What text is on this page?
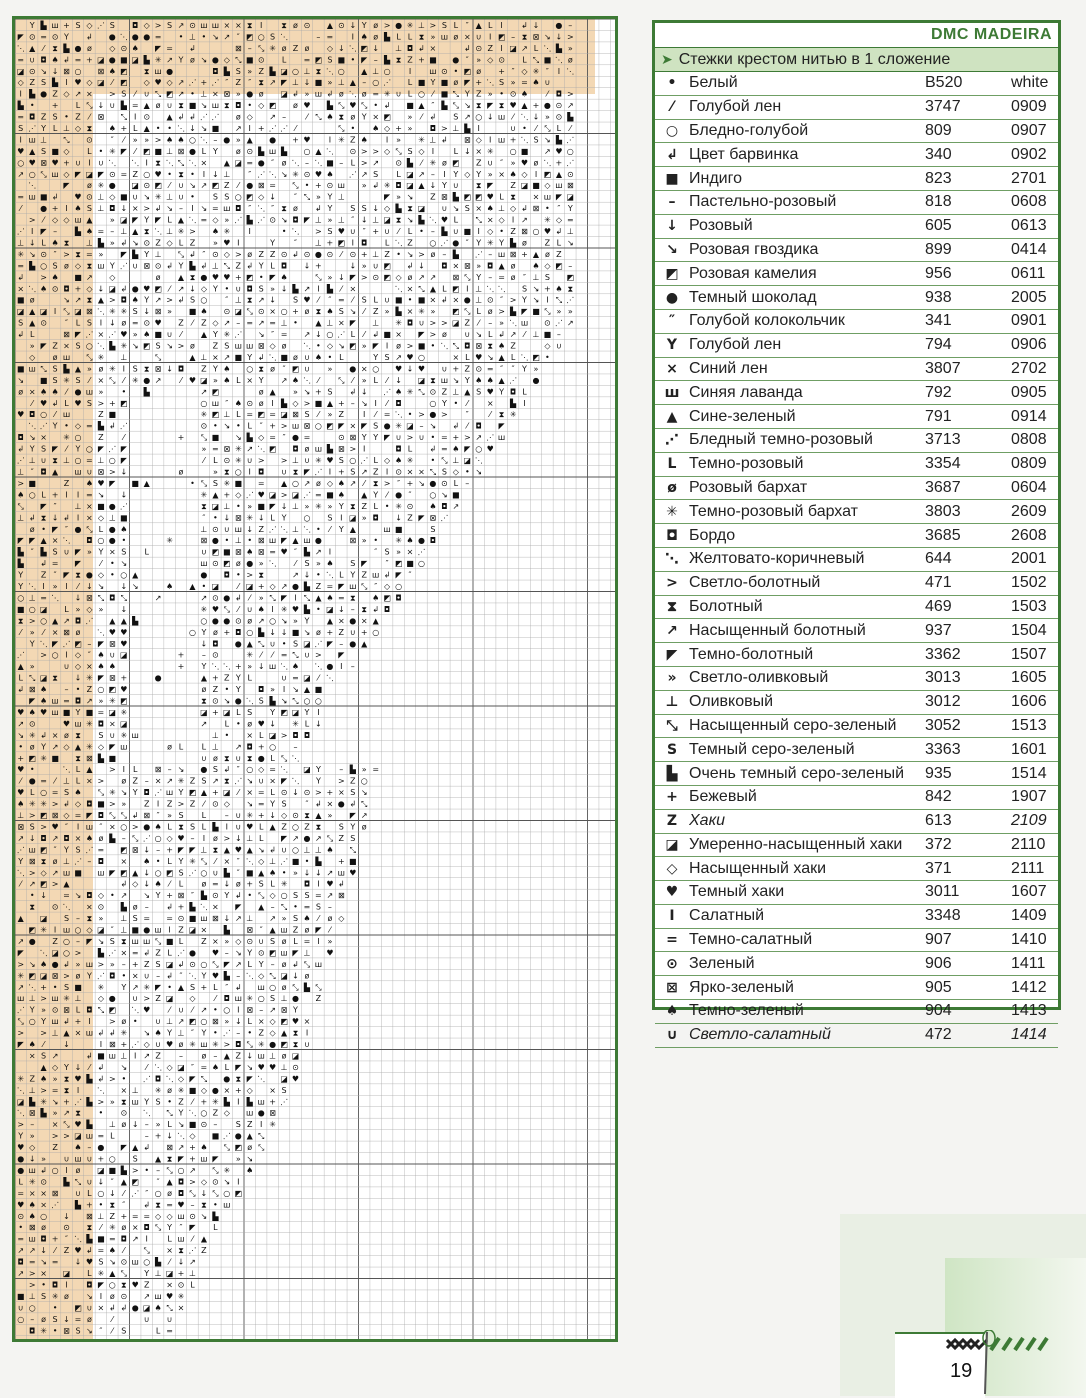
Y ▙ ш + S ◇ ⋰ S ◘ ◇ > S ↗ ⊙ ш ш × × ⧗ I ⧗ ø ⊙ ▲ ⊙ ↓ Y ø > ● ✳ ⊥ > S L ″ ▲ L I ↲ ↓ ● –
◤ ⊙ = ⊙ Y ↲ ● ⋱ ● ● = • ⊥ • ↘ ↗ ″ ◩ ○ S ⋱	– = I ♠ ø ▙ L L ⧗ » ш ø × ∪ I ◩ – ⧗ ⊠ ↘ ↓ >
⋱ ▲ ⁄ ⧗ ▙ ● ø ◇ ⊙ ♠ ◤ = ↲	⊠ – ⤡ ✳ ø Z ø ◇ ↓ ⋱ ◩ ↓ ⊥ ◘ ↲ ×	↲ ⊙ Z I ◪ ↗ L ⋱ ▙ »
= ∪ ◘ ♠ ↲ = + ◪ ● ■ ◪ ▙ ✳ ↗ Y ø ↘ ● ◇ ⤡ ■ ⊙ L = ◩ S ■ • ◤ – ▙ ⧗ Z + ■ ● ″ » ◇ ⊙ L ⤡ ■ ⋱ ø
◪ ⊙ ↘ ↓ ⊠ ○ ⊠ ♠ ◩ ⧗ ш ●	◘ ▙ S » Z ▙ ◪ ○ ⊥ ⧗ ⋱ ○ ▲ ⊥ ○ I ш ⊙ • ◩ ø + ″ ◇ ✳ ″ I ⋱
◇ Z S ▙ I ♥ ◇ ◪ ⁄ ◩ ◇ ♥ ◇ ↗ ⋰ + ⋰ ″ Z ″ ⧗ ↗ ◤ ⊥ ↓ ■ » ⊥ ▲ – ○ ⋰ L ■ Y ■ ø ◤ + ⋱ S » = ♠ ∪
I ▙ ● Z ◇ ↗ × > S ⁄ ∪ ⤡ ◩ ↗ • ⊥ × ⊠ » ● ø ◪ ↲ » ш ↲ ø ⋱ ø = ✳ ∪ L ○ ⁄ ■ ⤡ Y Z » • ⊙ ♠ ⁄ ◘ >
▙ • + L ⤡ ↓ ∪ ▙ = ▲ ø ∪ ⧗ ■ ↘ ш ⧗ ◘ • ◇ ◩ ø ♥ ▙ ⤡ ♥ ⤡ • ↲ ■ ▲ ″ ▙ ⤡ ↘ ⧗ ◤ ⧗ ♥ ▲ + ● ⊙ ↗
= ◘ Z S • Z ⁄ ⊠ ⤡ I ⊙ ▲ ↲ ↲ ⋰ ⋰ ø ◇ ↗ –	⁄ ⤡ ♠ ⧗ ø Y × ◩ » ⁄ ↲ S ↗ ○ ↓ ш ⁄ ⋱ ↓ » ⊙ ▙
S ⋰ Y L ⊥ ◇ ⧗ ♠ + L ▲ • • ⋱ ↓ ↘ ■ ↗ I + ⋰ ⋰ ⁄	⤡ • ♠ ◇ + » ◘ > ⊥ ▙ I	∪ • ⁄ ⤡ L ⁄
I ш ⊥ ⤡ ⊙ ″ ⁄ » » > ♠ ♠ ○ ⋱ – ● » ▲ ● + ♥ I ✳ Z ♠ I » ✳ ⊥ ↲ ⊠ ◇ I ш + ⋱ S ↘ ▙ ⋰
♥ ▲ S ■ ◇ L • ✳ ◤ ⁄ ◩ ■ ⊥ ⊠ ● L Y ø ⊙ ▙ ш ▙ ○ ▲ ⋱ ⊙ > > ◇ ⤡ S ◇ I L ↓ × ✳ ○ ■ ↗ ♥ ○
○ ♥ ⊠ ♥ + ∪ I ∪ ⋱ ⋱ I ⧗ ⋱ ⤡ ⋱ × ▲ ◪ = ● ″ ø ⋱ – ⋱ ■ – L > ↗ ⊙ ▙ ⁄ ✳ ø ◩ Z ∪ ″ » ♥ ø ⋱ + ⋰
↗ ○ ⤡ ш ◇ ◤ ◪ ◤ ⊙ = Z ○ ♥ • ⧗ • I ↓ ⊥ ″ ⋰ ⋱ ↘ ✳ ⊙ ♥ ♠ ⋰ ↗ S L ◪ ↗ – I Y ◇ Y » × ♠ ◇ I ◩ ▲ ⊙
⋱	◤ ø ✳ ● ◪ ⊙ ◩ ⁄ ∪ ↘ ↗ ◩ Z ⁄ ● ⊠ = ⤡ • + ⊙ ш » ↲ ✳ ◘ ◪ ▲ ↓ Y ∪ ⧗ ◤ Z ◪ ■ ◇ ш ⊠
= ш ■ ↲ ♥ ⊙ ⊥ ◇ ■ ∪ ↘ ✳ ⊥ ∪ • S S ○ ◩ ◇ ↓ ″ ⤡ » Y ⊥	◤ » ↘ Z ⊠ ▙ ◩ ◩ ♥ L ⧗ × ш ◤ ◪
⁄ ● + I ♠ S ⊥ ◘ ↓ × > ↲ ↘ – I ↘ = ш ◘ ″ ⋱ ″ ⧗ ø ↲ Y S S ↓ ◇ ▙ ⧗ ◪ ∪ ↘ S × ♠ ⊥ ◇ ↲ ⊠ • ″ Y
> ⁄ ◇ ◇ ш ▲ » ◪ ◤ Y ◤ L ▲ ⋱ = ◇ » ⋰ ▙ ⋰ ⊙ ↘ ◘ ◤ ⊥ » ⊥ ″ ↓ ⊥ ◪ ⧗ ↘ ▙ ⋱ ♥ L ⤡ × ◇ I ↗ ✳ ◇ =
⋰ I ◤ – ▙ ♠ = – ⊥ ▲ ⧗ ⋱ ⊥ ✳ > ♠ ✳ I	• ⋱ > S ♥ ∪ ″ + ∪ ⁄ L • – ▙ ∪ ■ I ◇ • Z ⊠ ○ ♥ ↲ ⊥
⊥ ↓ L ♠ ⧗ ⊥ ▙ » ↲ ↘ ⊙ Z ◇ L Z » ♥ I	Y ″ ⊥ + ◩ I ◘ L ⋱ Z ○ ⋰ ● ″ Y ✳ Y ▙ ø Z L ↘
✳ ↘ ⊙ ″ > ⧗ = » ◤ ▙ Y ⊥ ⤡ ↲ ″ ⊙ ◇ > ø Z Z ⊙ ↲ ⊙ ● ⊙ ⁄ ⊙ + ⊥ Z • ↘ > ø – ▙ ⋰ – ш ⊠ + ▲ ø Z
= ▙ ○ S ø ◇ ⧗ ш Y ⋰ ∪ ⊠ ⊙ ↲ Y ▙ ↲ ⊥ ⤡ Z ↲ Y L ◘ ↓ +	↓ » ∪ ◩ ↲ ↓ ◘ × ⊠ » ◘ ▲ ø ♠ ◇ ◩ –
↲ > ♠ ■ ↗ ◇	ø ▲ ⧗ ● ♥ ♥ + ◩ • ◤ ♠	⤡ » ↓ ◤ > ⊙ ◩ ◇ ø ↗ ↗ ⊠ ⤡ Y – = ø ″ ⊥ S ◩
× ⋱ ♠ ⊙ ◘ + ◇ ↓ ◪ ↲ ● ♥ ◩ ⁄ ↗ ↓ ◇ Y • ∪ ◘ S » ↓ ▙ ↗ I ▙ ⁄ ×	⋱ × ⤡ ▲ L ◩ I ⊥ ⋱ ⋱ S ↘ + ♠ ⧗
■ ø	↘ ↗ ⧗ ▲ > ◘ ♠ Y ↗ > ↲ S ○ ″ ⊥ ⧗ ↗ ↓ S ♥ ⁄ ″ = ⁄ S L ∪ ■ • ■ × ↲ × ● ⊥ ⊙ ″ > Y ↘ I ⤡ ⋰
◪ ▲ ◪ I ⤡ ◪ ⊠ ⋱ ✳ ✳ S ↓ ⊠ » ■ ♠ ⊙ ◪ ⤡ ⊙ × ○ + ø ⧗ ♠ S ↘ ⁄ Z » ▙ × ✳ » ◩ ⤡ L ø > ▙ ◤ ■ ⤡ » »
S ▲ ⊙ ″ L S I ↓ ø = ⊙ ♥ Z ⁄ Z ◇ ↗ – = ↗ = ⊥ • ▲ ⊥ × ◤ ⊥ ✳ ◘ ∪ > > ◪ Z ⁄ – » ⋱ ш ⊙ ⋰ ↗
↲ L	⊠ ◤ ⋰ × ⋰ ♥ » ♠ ■ ∪ ⁄ ▲ Y ✳ ⋰ ↘ ″ = ↗ ↓ ○ ⋰ L ⁄ ↲ ■ × ◤ > ø ∪ ↘ L ↲ ↗ ⁄ ⊥ ■ –
» ◤ Z × S ○ ⋱ ▙ ✳ ↘ ◩ S ↘ > ø Z S ш ш ⊠ ◇ ø ⋱ • ◇ ↘ ◩ » ◤ I ø > ■ • ⋱ ⤡ ◘ ⊠ ⧗ ♠ Z	◇ ∪
◇ ø ш ⤡ ✳ ⊥	⤡	▲ ⊥ × ↗ ■ Y ↲ ⋱ ■ ø ∪ ♠ • L	Y S ↗ ♥ ○	× L ♥ ↘ ▲ L ⋱ ◩ •
■ ш ⤡ S ▙ ▲ » ø ✳ I S ⧗ ⊠ ↓ ◘ Z Y ♠ ○ ⧗ ø ″ ◩ ∪ » ● × ○ ♥ ↓ ♥ ∪ + Z ⊙ = ″ ″ Y »
↘ ■ S ✳ S ⁄ × ⤡ ⁄ ✳ ● ↗ ⁄ ♥ ◪ » ♠ L × Y ↗ ♠ ⋱ ⁄ ⤡ ⁄ » L ⁄ ↓ ◪ ⧗ ш ↘ Y ♠ ♠ ▲ ⋰ ●
ø × ♠ ♠ ⁄ ● ш » • ▙	↗ ◩	ø ▲ » ↘ + S ↲ ↓ ⋰ ♠ ✳ ⤡ ⊙ Z ⊥ ▲ S ♥ Y ◘ L
⁄ ♥ ↲ L ♥ S > + ◩	○ ш ″ ♠ ⊙ ø I ▙ ◇ > ■ ▲ + – ↘ I ⁄ ◘	○ Y • ⁄ × ▙ I
♥ ◘ ○ ⁄ ш	Z ■	✳ ◩ ⊥ L = ◩ = ◪ ⊠ S ⁄ » Z I ⁄ = ⋱ • > ● > ″	⁄ ⧗ ✳
⋱ ⋰ Y • ◇ = ▙ ↲ ⋰	⊙ • ↘ • L ″ + > ш ⊠ ○ ◩ ◤ × ◤ S ● ✳ ◪ – ↘ ↲ ⁄ ◘ ◤
◘ ↘ × ✳ ○ Z ⁄	+ ⤡ ■ ↘ ▙ ◇ = ″ ● =	⊙ ⊠ Y Y ◤ ∪ > ∪ • = + > ↗ ⋰ ш
↲ Y S ◤ ⁄ Y ○ ◤ ⋰ ◤	» = ⊠ ✳ ↗ ⋱ ◩ ◘ ø ш ▙ ⊠ > I	◘ L ↲ = ♠ ◤ ○ ♥
⋰ ⊥ ∪ ⧗ ⊥ ○ = ⊥ ○ ◤	⁄ L ⊙ ✳ ∪ > > ⊥ ∪ ✳ ♥ S ○ ⋰ L ◇ ♠ ✳ • ⤡ ⊥ ◪ ⋱
⊥ ″ ◘ ▲ ш ∪ ⊠ > ↓	ø	» ⧗ ○ I ◘ ∪ ⧗ ◤ ⋰ I + S ↗ Z I ⊙ × × ⤡ S ◇ • ↘
> ■	Z ♠ ♥ ◤ ■ ▲	• ⤡ S ✳ ■ = ▲ ○ ↗ ø ◇ ♠ ↗ ⁄ ⧗ > ″ + ↘ ● ⊙ L –
♠ ○ L + I I = ↘ ↓	✳ ▲ + ◇ ⋰ ♥ ◪ > ◪ ⋰ = ■ ♠ ▲ Y ⁄ ● ″ ○ ↘ ■
⤡ ◤ ″ ⊥ × ■ ● ⋰	⧗ ◪ ⊥ • » ■ ◤ ↓ ⊥ » ✳ » Y ⧗ Z L • ✳ ⊙ ♠ ◘ ↗
⊥ ↲ ⧗ ↓ ↲ I × ◇ ⊥ ■	″ • ↓ ⊠ ✳ ↓ L Y ○ S I ◪ » ◘ ↓ Z ◤ ⊠ ⋰
ø • ◤ ″ ● ⤡ L ● ♠	⊥ ⊙ ∪ ш ↓ Z ⋰ ⋱ ⊥ ⋱ • ⁄ Y ▲	ш ■	S
◤ ◤ ▲ × ⋱ ◘ ○ ● •	✳	⊠ ● • ⊥ • ⊠ ш ◤ ▲ ш ●	⊠ » • ✳ ♠ ● ◘
▙ ″ ▙ S ∪ ◤ » Y × S L	∪ ◩ ■ ⊠ ♠ ⊠ = ♥ ″ ▙ ↗ I	″ S » × ⋰
▙ ↲ = ◤ ⁄ • ↘	ш ⊙ ◩ ø ● » ⋱ ⁄ S » ♠ S ◤ ″ ◩ ■ ○
Y Z ″ ◤ ⧗ ● ◇ • ○ ▲	● ◘ • > ⧗	↗ ↓ • ⋱ L Y Z ш ↲ ◤ ″
Y ⋱ I » I ⁄ ↓ ↘ ↓ ↘	♠ ▲ • ◪ ⁄ ◪ + ◇ ↗ ● ▙ Z = ◤ ш ⤡ ″ ◇ ○
○ ⊥ = ⋱ ↓ ⊠ ⤡ ◘ ⤡	↗	↗ ⊙ ● ↲ ⁄ » ⤡ ◤ I ⤡ ▲ ♠ = ⧗ ♠ ◩ ◘
■ ○ ◪ L » ◇ » ↓	✳ ♥ ⤡ ⁄ ∪ ♠ I ✳ ♥ ▙ • ◪ ↓ – ⧗ ↲ ◘
⧗ > ○ ▲ ↗ ◘ ⋰ ▲ ▲ ▙	○ ● ● ⊙ ø ↗ ○ ↘ » Y ▲ × ● × ▲
⁄ » ⁄ × ⊠ ø ⋱ ♥ ♥	○ Y ø + ◘ ○ ▙ ↓ ↓ ■ ↘ ø + Z ∪ + ○
Y ⋱ ◤ ⋰ ◩ – ◤ ⊠ ♥	↓ ◘ ● ▲ ⤡ ∪ • S ◪ ⋰ ◤ – ● ▲
⋰ > ○ I ◇ ″ ♠ ∪ ◪	+ – ⊙	✳ ⁄ ⁄ = ⤡ ∪ > ◤
▲ »	∪ ◇ × ♠ ♠	+ Y ⋱ ⋱ + » ↓ ш ⋱ ♠ ⋱ ● I –
L ⤡ ◪ ⧗ ↓ ✳ ◤ ⊠ +	●	▲ + Z Y L	∪ = ◪ ⁄ ⋱
↲ ⊠ ♠ – • Z ○ ◩ ♥	ø Z • Y ◘ » I ↘ ▲ ■
◤ ♠ ш = ◘ ↗ » ✳ ◩	⧗ ⊙ ↘ ● ⋱ S ▙ ↘ ⤡ ○ ○
♥ ♠ ♥ ш ■ Y ■ = ◪ ✳	◪ + ◪ L S Y ◩ ◪ Y I
↗ ⊙	♥ ш ✳ ◘ × ◪	↗ L • ø ♥ ↓ ✳ L ↓
↘ ✳ ↲ × ø ⧗ S ∪ ✳ ш	⊥ • × L ◪ > ◘ ◘
• ø Y ↗ ◇ ▲ ✳ ◇ ◤ ш	ø L L ⊥ ↗ ◘ + ○ –
+ ◩ ✳ ■ ⧗ ⊠ ▙ ■	∪ ø ⧗ ∪ ⧗ ● L ⤡ ⋱
♥ •	⋱ L ▲ > I L ⊠ – ↘ ● S ↲ ″ ○ ◇ = ⋱ ◪ Y – ▙ » =
⁄ ● = ⁄ ⊥ L × > ø Z – × ↗ ✳ Z S ↗ ⧗ ⋰ ↘ ∪ × ◤ ⋱ Y > Z ○
♥ L ○ = S ♠ ⤡ ✳ ↘ Y ◘ ⋰ ш Y ◩ ▲ + ◪ ⁄ × = L ⊙ ↓ ⊙ > + × S ↘
♠ ✳ ✳ > ↲ ◇ ◘ ■ > » Z I Z > Z ⁄ ⊙ ◇ ↘ = Y S ″ ↲ × ● ↲ ⤡
⊥ > ◩ ⊠ ◇ = ◤ ◘ ⤡ ⤡ ↲ ⊠ ″ » S L – ∪ ✳ + ↓ ◇ ⊙ ⧗ ▲ » ◤ ↗
⊠ S > ♥ ″ I ш ″ × ○ > ● ♠ L ⧗ S L ▙ I ∪ ♥ L ▲ Z ○ Z ⧗ S Y ø
↗ ↓ ◘ ↗ ◘ × ♠ ø ▙ – ⤡ ⋰ ○ ◇ ♥ – I ø > ↓ ⊥ L ◤ ↗ ● ↗ ⤡ Z S
⋰ ш ◩ ″ Y S ⋰ = ◩ ⊠ ↓ – + ◤ ◤ ⊥ ⧗ ▲ ♥ ▲ ↘ ↲ ∪ ○ ⊥ ⊥ ♠ ⤡
Y ⊠ ⧗ ø ⊥ ⋰ – ◘ × ♠ • L Y ✳ ⤡ ⁄ × ″ ⋱ ◇ ⊥ ⋰ ■ • ▙ + ■
⋱ > ◇ ↗ ш ■ ш ◤ ◩ ▲ ↓ ○ ◩ S ⋰ ○ ∪ ▙ ″ ■ ▲ ♠ • » ↓ ↓ ↗ ш ♥
⁄ ↗ ◩ > ▲	↲ ◇ ↓ ♠ ⁄ L ø = ↓ ø + S L ✳ ◘ I ♥ ↲
• ↓ = ↘ ◘ ◇ • ↗ ↘ Y + ⊠ ″ ▙ ⊙ Y ↲ • ⤡ ◇ ○ S S = ↗ ⊠
⧗ ⊙ ⋱ × ⊙ ▙ ø – ↲ + ▙ ⋱ × ◤ ▲ – ⤡ • = S –
▲ ◪ S – ⧗ » ⊥ S = = ⊙ ■ ш ⊠ ↓ ↗ ⊥ ↗ » S ♠ ⁄ ø ◇
◩ ✳ I ш ○ ◇ ◪ ″ ⊥ ■ ● ш I Z ◪ × ▙ ⊠ ″ ▲ ш Z ø ◤ ⁄
↗ ● Z ○ – ◤ ↘ S ⧗ ш ш ⤡ ■ L Z × » ◇ ⊙ ∪ S ø L = I »
◤ ⋱ ◪ ○ > ▙ ⋰ × = ↲ Z L ⋰ ● ♥ – ↘ Y ⊙ ◩ ш ◤ ⊥ ♥
> ↘ ♠ ● ↲ » ш > » – + Z S ◪ ↲ ⊙ ○ ⤡ ◤ ↗ L Y – ø ↲ ⤡ ш
✳ ◩ ◪ ⊠ > ø Y ⋰ ◘ • × ∪ – ↲ ″ ⋱ Y ♥ ▙ – ⋱ ◇ ⤡ ◪ ↓ ø
↗ ⋱ + • S ■ ✳ Y ↗ ✳ ◤ • ▲ S + L ″ ↲ ш ○ ø ⤡ ▙ ⤡
ш ⊥ > ш ✳ ⊥ ◇ ● ∪ > Z ◪ ◇ ⁄ ◘ ш ✳ ○ S ⊥ ● Z
⋰ Y » ⊙ ⊠ L ◘ ⤡ ◩ ⋱ ♥ ⁄ ∪ ⁄ ↗ • ○ I ⊠ – ↗ ⊠ Y
⤡ ○ Y ш ↲ + I > ø • ∪ ⊥ ↗ ◩ ○ ⊠ » ↓ L × ◇ ◩ ♥ ×
> > ⊥ ▲ × ш ↲ ↲ ✳ ↘ ♠ Y ⊥ ″ Y • ⋰ – • Z ◇ ▲ ⧗ I
◤ ♠ ⁄ ↓	I ⊠ + ⋰ ◇ ∪ ♥ ø ✳ ш ✳ > ◘ ⤡ ✳ ● ◩ ⧗ ∪
× S ↗	↲ ■ ш ⊥ I ↗ Z – ø – ▲ Z ↓ ш ⊥ ø ◪
▲ ◇ Y ↓ ⁄ ↲ ↘ ⁄ ⋱ ◇ ◪ ″ = ♠ L ◤ ↘ ♥ ♥ ⊥ ⊙
✳ Z ♠ » ⧗ ♥ ▙ ↲ > • ⋰ ◘ ⋱ ◇ ◤ ⤡ ● ⧗ ◤ ⋱ ◪ ♥
⋱ ⊥ > = ⧗ I ⋱ × ⊥ ✳ ø ✳ ■ ◇ ● × + ◇ × S
◪ ▙ ✳ ↘ + ⋰ ▙ > » ⧗ ш Y S • Z ⁄ + ✳ ▙ I ▙ ш + ⋰
⋱ ⊠ ▙ » ↗ ⧗ • ⊙ ⋱ ⤡ Y ⋱ ○ Z ◇ ш ● ⊠
> – × ⤡ ♥ ▙ ⊥ ø ↓ – » L ↘ ■ ⊙ – S Z I ✳
Y » > > ◪ ш = L	– + ↓ ⋱ ◇ ■ ⋰ ● ▲ ⤡
♥ ◇ Z ♠ – ● ◤ ▲ ↲ ⊠ ↗ + ♠ ⤡ ◩ ø ⤡
● ↓ » ∪ ш ∪ + ○ S ▲ ⧗ ◤ + ш ◤ » ↘
● ш ↲ ○ I ø ◪ ■ ▙ > • – ⤡ ○ ↗ ⤡ ✳ ♠
L ✳ ⊙ ▙ ⤡ ∪ ↓ ″ ▲ ◩ ″ ▲ ◘ > ◇ ⊙ ↘ I
= × × ⊠ ∪ L ○ ↓ ⁄ ⋰ ″ ○ ø ◘ ⤡ ↓ ⤡ ○ ◩
♥ ♠ × ⋰ ▙ + • ⧗ ″ ↲ ⧗ = ♥ – ⧗ • ш
⊙ ♠ ○ ↓ ⊠ ⊥ Z + = = ◇ ◇ ш ⊙ ↘ ▙
• ⊠ ø ⊙ ⧗ ⁄ ✳ ø × ◘ ⤡ Y ″ ◤ L
= ш ◘ + ″ ⋱ ▙ ■ = ◘ ↗ I L ш ⁄ ▲
↗ ↗ ↓ ⁄ Z ♥ ↲ = ♠ ⁄ ⤡ × ⧗ ⋰ Z
◘ = ↘ = ↓ ♥ S ↘ ⊙ ш ○ ▙ ⁄ ↓ ↗
↗ > × ◪ L ✳ ▲ ⤡ Y ⊥ ◪ + ⊥
> • ◘ I ◘ ◤ ○ ⧗ ♥ Z × ⊙ L
■ ⊥ S ✳ ø ↘ I ø ⊙ ↗ ш ♥ ✳
∪ ○ • ◩ ∪ × ↲ ↲ ● ◪ ♠ ⤡ ×
○ – ø S ↓ = ø ⁄	∪ ∪
◘ ✳ • ⊠ S ↘ ″ ⁄ S	L =
DMC MADEIRA
➤ Стежки крестом нитью в 1 сложение
• Белый	B520	white
⁄ Голубой лен	3747	0909
○ Бледно-голубой	809	0907
↲ Цвет барвинка	340	0902
■ Индиго	823	2701
– Пастельно-розовый	818	0608
↓ Розовый	605	0613
↘ Розовая гвоздика	899	0414
◩ Розовая камелия	956	0611
● Темный шоколад	938	2005
″ Голубой колокольчик	341	0901
Y Голубой лен	794	0906
× Синий лен	3807	2702
ш Синяя лаванда	792	0905
▲ Сине-зеленый	791	0914
⋰ Бледный темно-розовый	3713	0808
L Темно-розовый	3354	0809
ø Розовый бархат	3687	0604
✳ Темно-розовый бархат	3803	2609
◘ Бордо	3685	2608
⋱ Желтовато-коричневый	644	2001
> Светло-болотный	471	1502
⧗ Болотный	469	1503
↗ Насыщенный болотный	937	1504
◤ Темно-болотный	3362	1507
» Светло-оливковый	3013	1605
⊥ Оливковый	3012	1606
⤡ Насыщенный серо-зеленый	3052	1513
S Темный серо-зеленый	3363	1601
▙ Очень темный серо-зеленый	935	1514
+ Бежевый	842	1907
Z Хаки	613	2109
◪ Умеренно-насыщенный хаки	372	2110
◇ Насыщенный хаки	371	2111
♥ Темный хаки	3011	1607
I Салатный	3348	1409
= Темно-салатный	907	1410
⊙ Зеленый	906	1411
⊠ Ярко-зеленый	905	1412
♠ Темно-зеленый	904	1413
∪ Светло-салатный	472	1414
19
